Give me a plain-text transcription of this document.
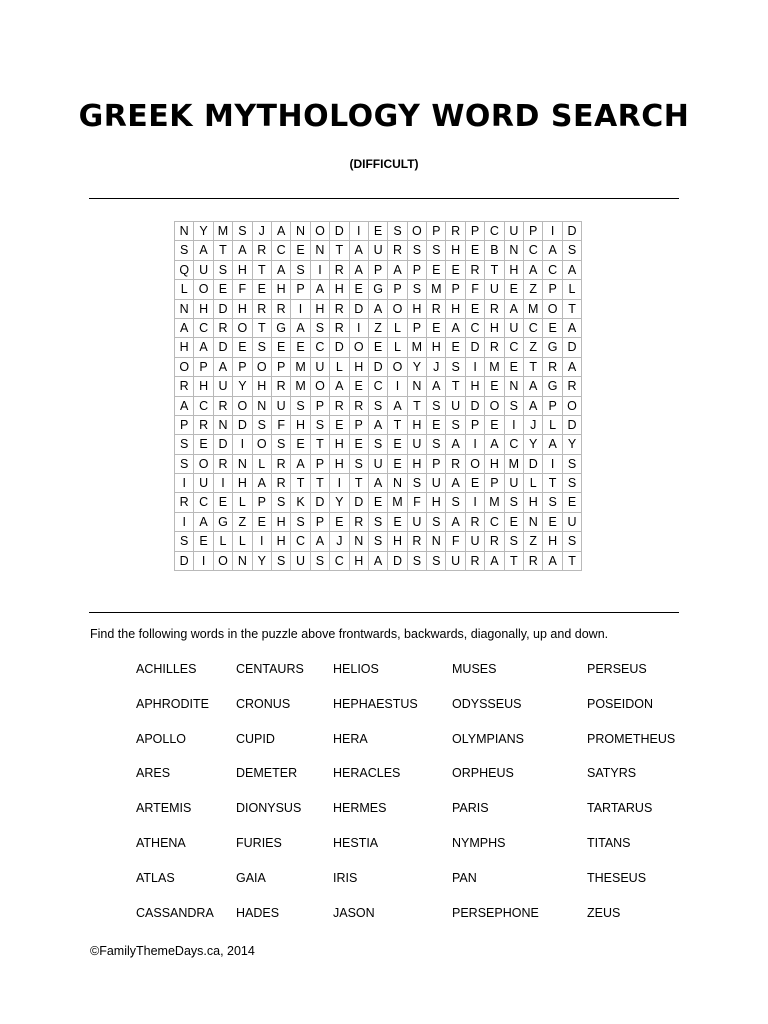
GREEK MYTHOLOGY WORD SEARCH
(DIFFICULT)
N Y M S J A N O D	I	E S O P R P C U P	I	D
S A T A R C E N T A U R S S H E B N C A S
Q U S H T A S	I	R A P A P E E R T H A C A
L O E F E H P A H E G P S M P F U E Z P L
N H D H R R	I	H R D A O H R H E R A M O T
A C R O T G A S R	I	Z L P E A C H U C E A
H A D E S E E C D O E L M H E D R C Z G D
O P A P O P M U L H D O Y J S	I M E T R A
R H U Y H R M O A E C	I	N A T H E N A G R
A C R O N U S P R R S A T S U D O S A P O
P R N D S F H S E P A T H E S P E	I	J	L D
S E D	I	O S E T H E S E U S A	I	A C Y A Y
S O R N L R A P H S U E H P R O H M D	I	S
I	U	I	H A R T T	I	T A N S U A E P U L T S
R C E L P S K D Y D E M F H S	I M S H S E
I	A G Z E H S P E R S E U S A R C E N E U
S E L L	I	H C A J N S H R N F U R S Z H S
D	I	O N Y S U S C H A D S S U R A T R A T
Find the following words in the puzzle above frontwards, backwards, diagonally, up and down.
ACHILLES
APHRODITE
APOLLO
ARES
ARTEMIS
ATHENA
ATLAS
CASSANDRA
CENTAURS
CRONUS
CUPID
DEMETER
DIONYSUS
FURIES
GAIA
HADES
HELIOS
HEPHAESTUS
HERA
HERACLES
HERMES
HESTIA
IRIS
JASON
MUSES
ODYSSEUS
OLYMPIANS
ORPHEUS
PARIS
NYMPHS
PAN
PERSEPHONE
PERSEUS
POSEIDON
PROMETHEUS
SATYRS
TARTARUS
TITANS
THESEUS
ZEUS
©FamilyThemeDays.ca, 2014
